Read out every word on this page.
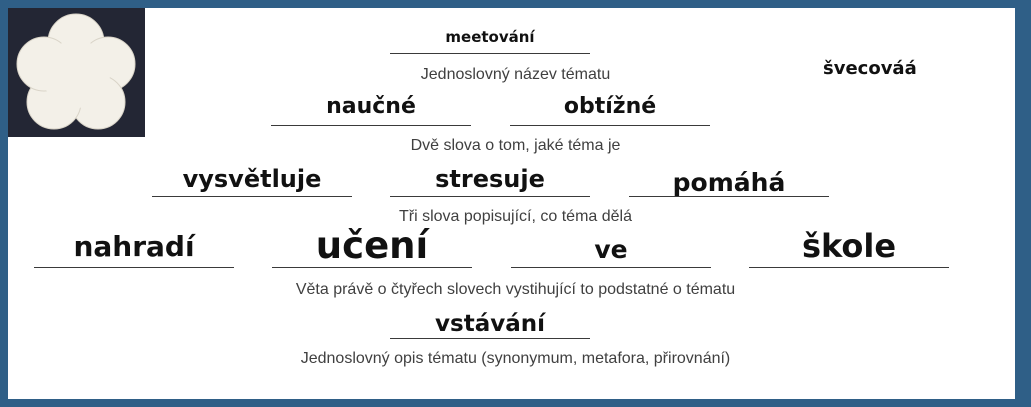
meetování
Jednoslovný název tématu	švecováá
naučné	obtížné
Dvě slova o tom, jaké téma je
vysvětluje	stresuje	pomáhá
Tři slova popisující, co téma dělá
nahradí	učení	ve	škole
Věta právě o čtyřech slovech vystihující to podstatné o tématu
vstávání
Jednoslovný opis tématu (synonymum, metafora, přirovnání)
